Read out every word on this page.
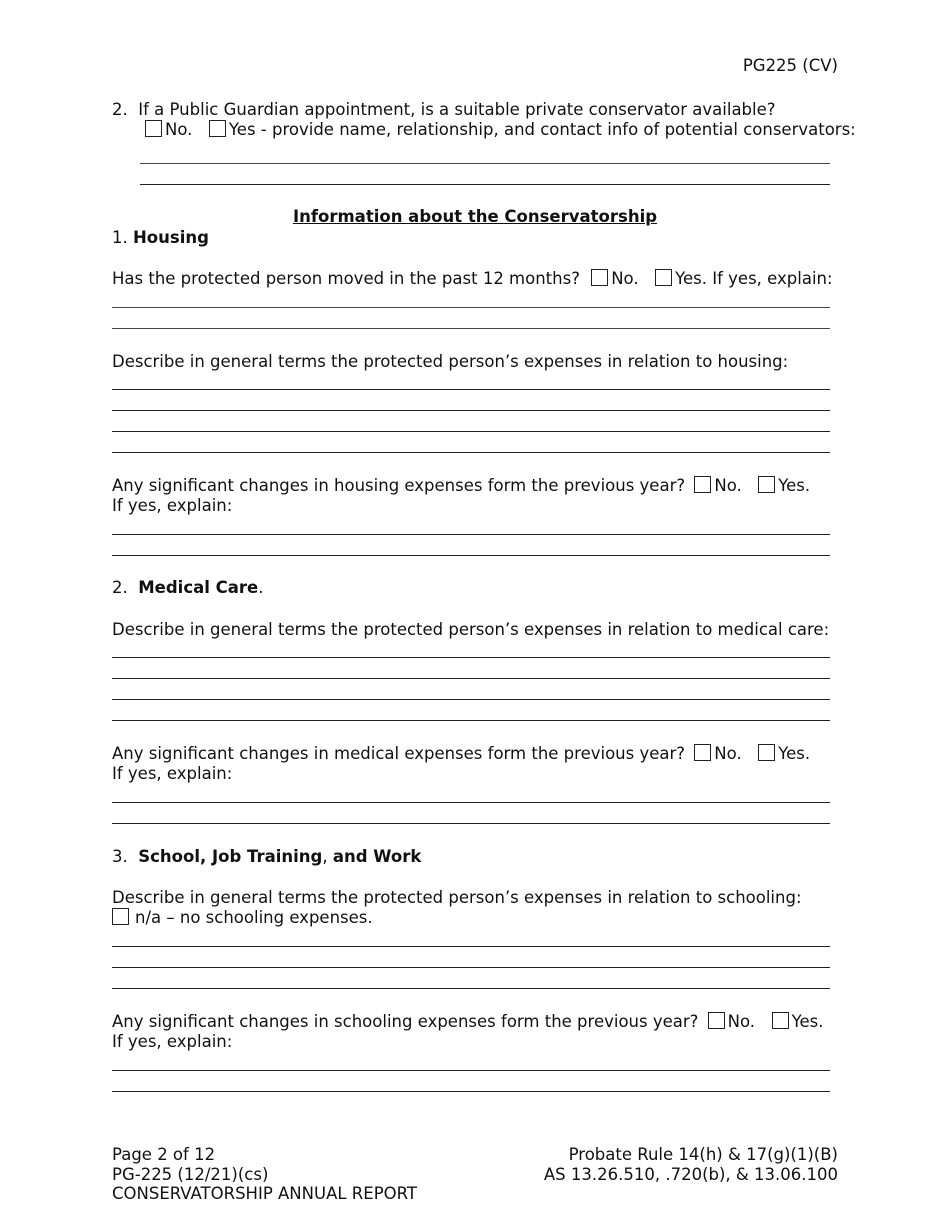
PG225 (CV)
2. If a Public Guardian appointment, is a suitable private conservator available?
No. Yes - provide name, relationship, and contact info of potential conservators:
Information about the Conservatorship
1. Housing
Has the protected person moved in the past 12 months? No. Yes. If yes, explain:
Describe in general terms the protected person’s expenses in relation to housing:
Any significant changes in housing expenses form the previous year? No. Yes.
If yes, explain:
2. Medical Care.
Describe in general terms the protected person’s expenses in relation to medical care:
Any significant changes in medical expenses form the previous year? No. Yes.
If yes, explain:
3. School, Job Training, and Work
Describe in general terms the protected person’s expenses in relation to schooling:
n/a – no schooling expenses.
Any significant changes in schooling expenses form the previous year? No. Yes.
If yes, explain:
Page 2 of 12
PG-225 (12/21)(cs)
CONSERVATORSHIP ANNUAL REPORT
Probate Rule 14(h) & 17(g)(1)(B)
AS 13.26.510, .720(b), & 13.06.100
